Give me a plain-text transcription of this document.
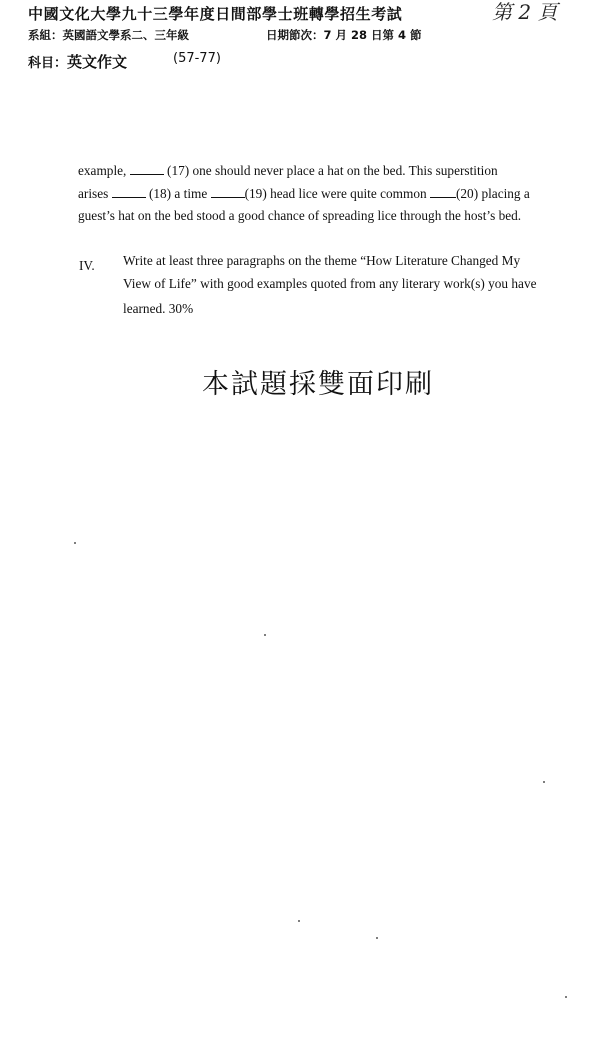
中國文化大學九十三學年度日間部學士班轉學招生考試	第 2 頁
系組：英國語文學系二、三年級	日期節次：7 月 28 日第 4 節
科目：英文作文	(57-77)
example,	(17) one should never place a hat on the bed. This superstition
arises	(18) a time	(19) head lice were quite common (20) placing a
guest’s hat on the bed stood a good chance of spreading lice through the host’s bed.
IV. Write at least three paragraphs on the theme “How Literature Changed My
View of Life” with good examples quoted from any literary work(s) you have
learned. 30%
本試題採雙面印刷
